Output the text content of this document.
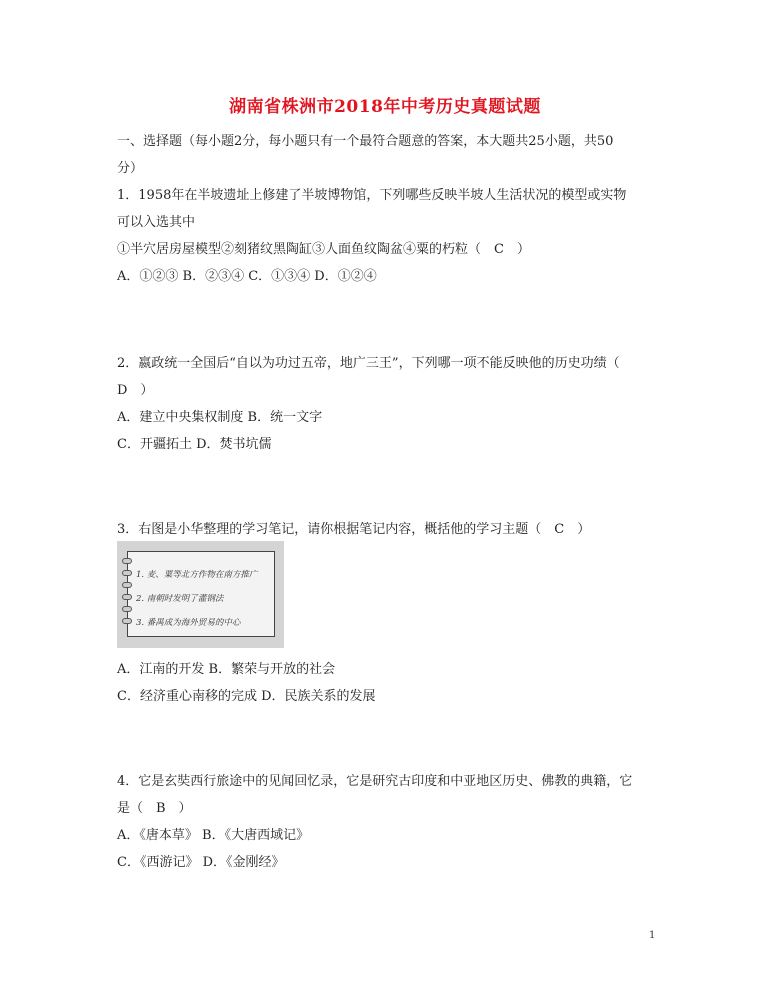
湖南省株洲市2018年中考历史真题试题
一、选择题（每小题2分，每小题只有一个最符合题意的答案，本大题共25小题，共50
分）
1．1958年在半坡遗址上修建了半坡博物馆，下列哪些反映半坡人生活状况的模型或实物
可以入选其中
①半穴居房屋模型②刻猪纹黑陶缸③人面鱼纹陶盆④粟的朽粒（　C　）
A．①②③ B．②③④ C．①③④ D．①②④
2．嬴政统一全国后“自以为功过五帝，地广三王”，下列哪一项不能反映他的历史功绩（
D　）
A．建立中央集权制度 B．统一文字
C．开疆拓土 D．焚书坑儒
3．右图是小华整理的学习笔记，请你根据笔记内容，概括他的学习主题（　C　）
1. 麦、粟等北方作物在南方推广
2. 南朝时发明了灌钢法
3. 番禺成为海外贸易的中心
A．江南的开发 B．繁荣与开放的社会
C．经济重心南移的完成 D．民族关系的发展
4．它是玄奘西行旅途中的见闻回忆录，它是研究古印度和中亚地区历史、佛教的典籍，它
是（　B　）
A．《唐本草》 B．《大唐西域记》
C．《西游记》 D．《金刚经》
1
